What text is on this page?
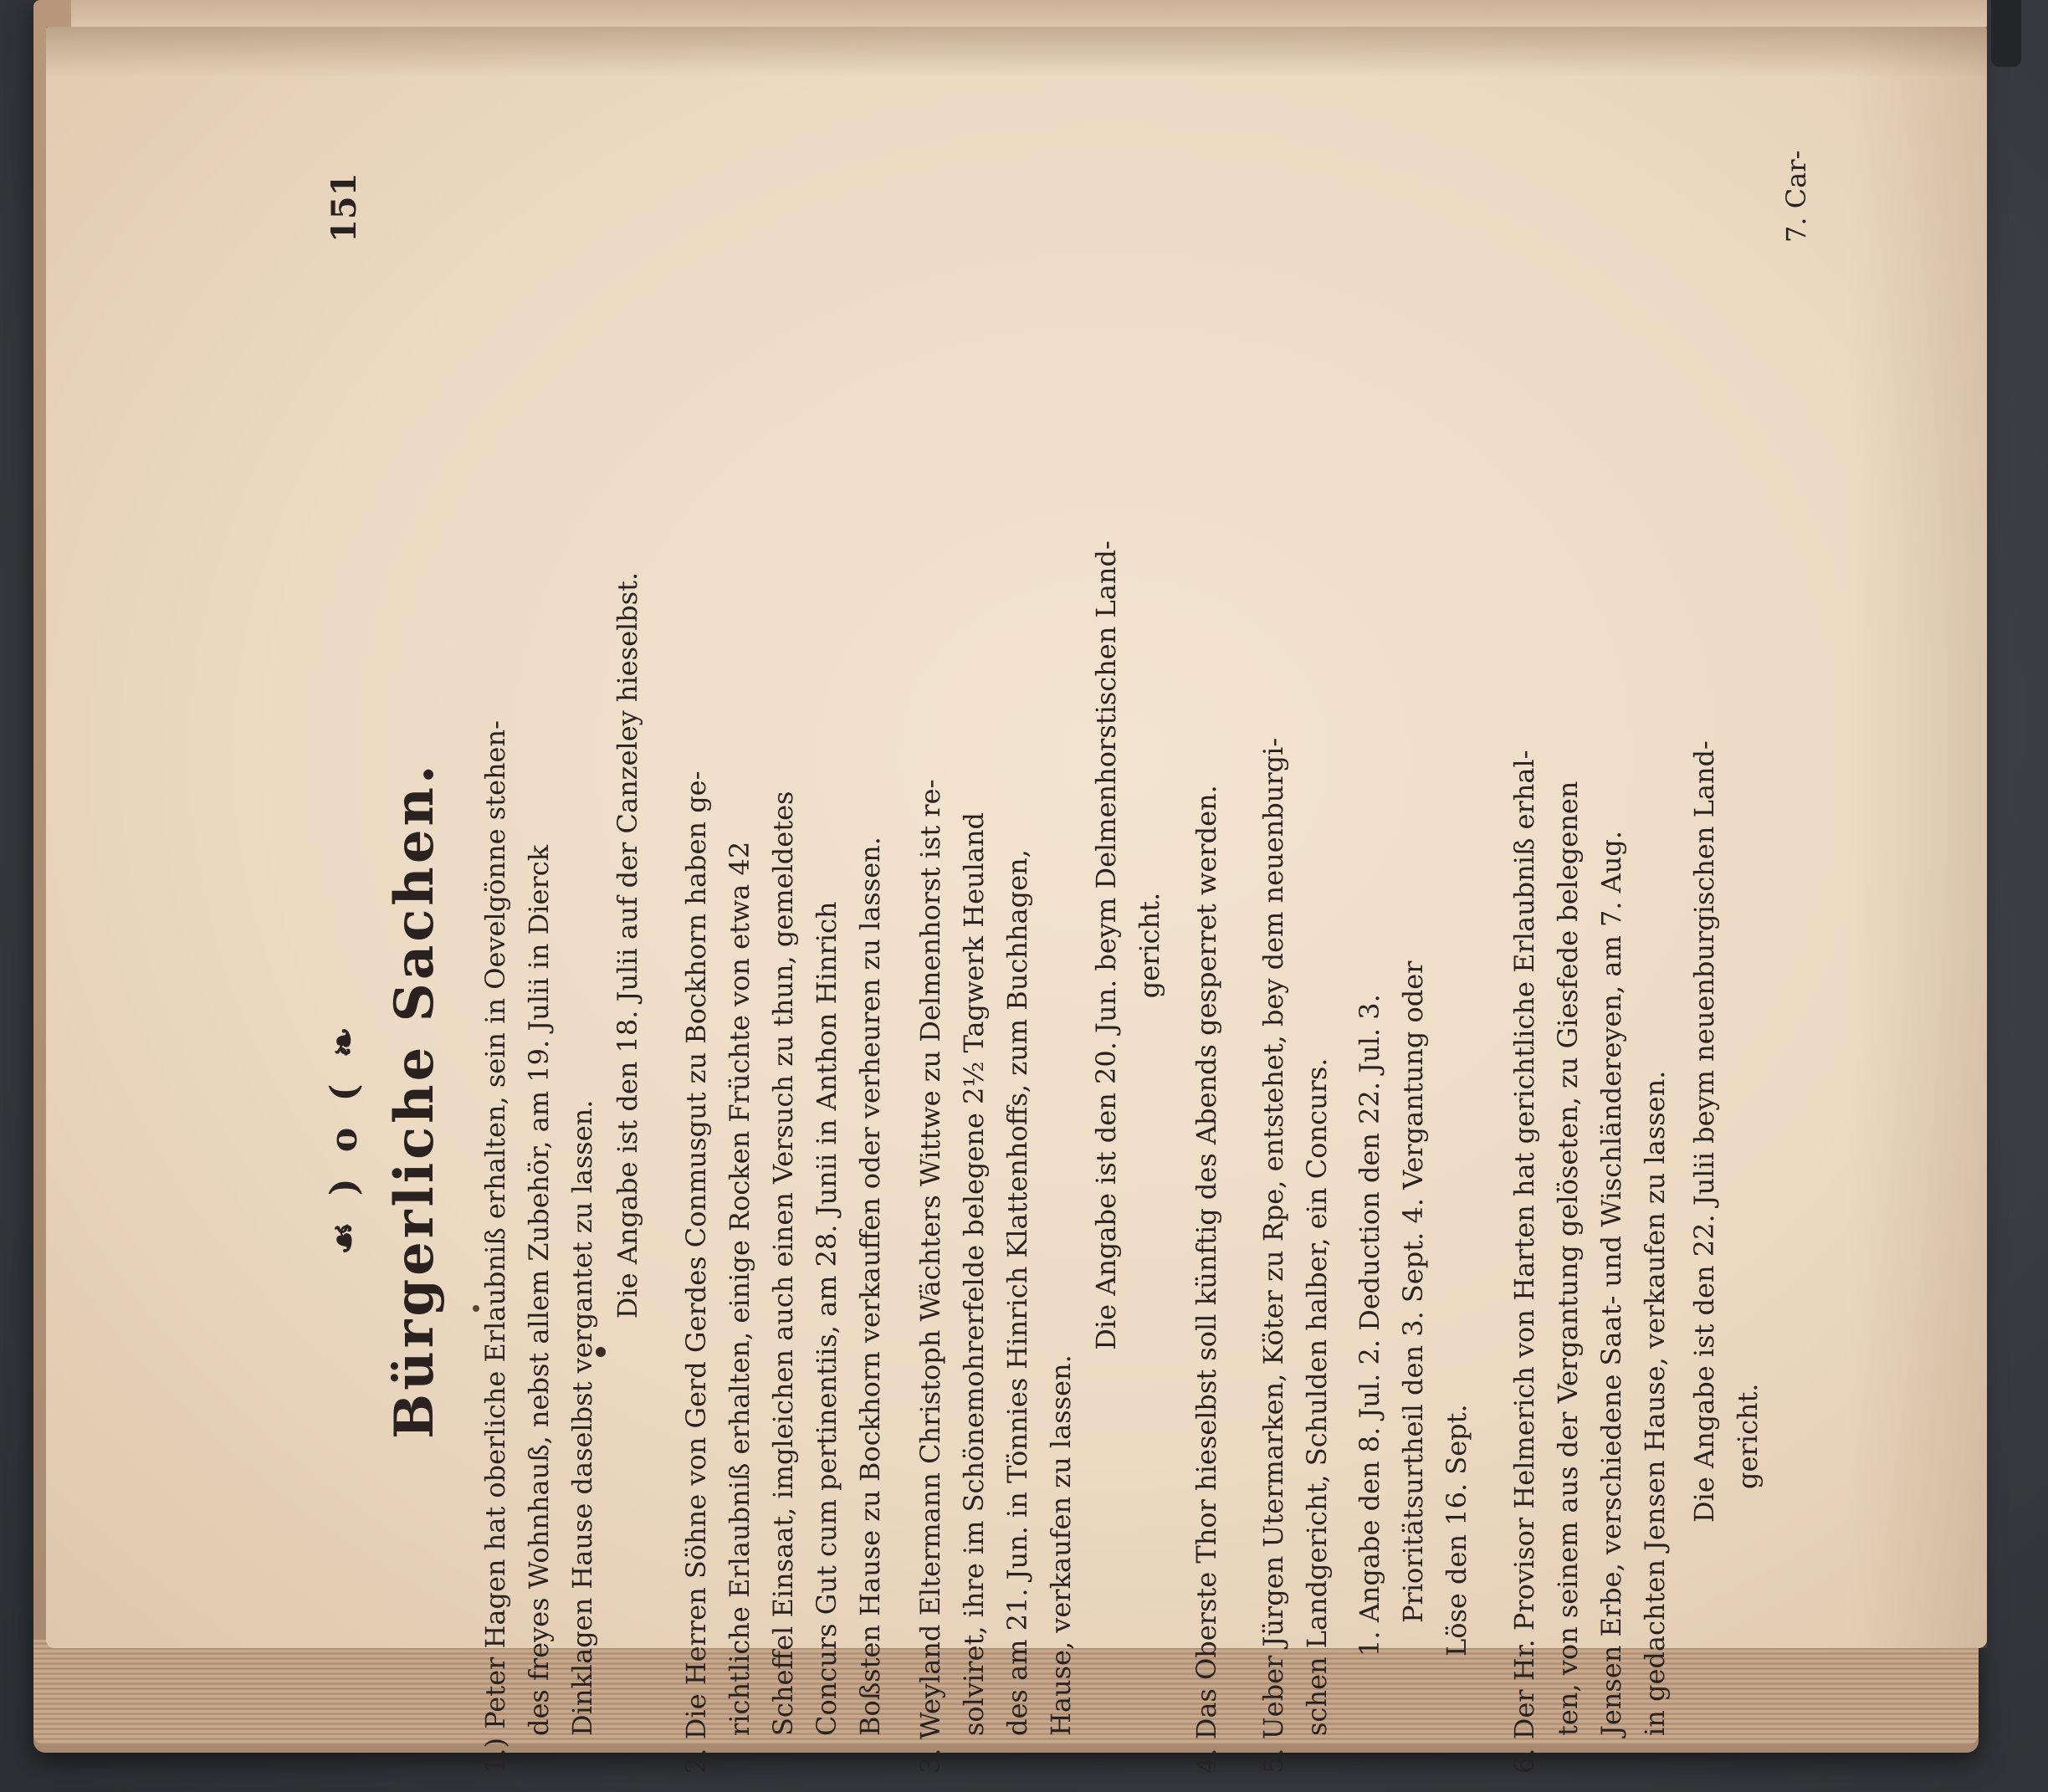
☙ ) o ( ❧
151
Bürgerliche Sachen. 1.) Peter Hagen hat oberliche Erlaubniß erhalten, sein in Oevelgönne stehen- des freyes Wohnhauß, nebst allem Zubehör, am 19. Julii in Dierck Dinklagen Hause daselbst vergantet zu lassen.
Die Angabe ist den 18. Julii auf der Canzeley hieselbst. 2. Die Herren Söhne von Gerd Gerdes Conmusgut zu Bockhorn haben ge- richtliche Erlaubniß erhalten, einige Rocken Früchte von etwa 42 Scheffel Einsaat, imgleichen auch einen Versuch zu thun, gemeldetes Concurs Gut cum pertinentiis, am 28. Junii in Anthon Hinrich Boßsten Hause zu Bockhorn verkauffen oder verheuren zu lassen. 3. Weyland Eltermann Christoph Wächters Wittwe zu Delmenhorst ist re- solviret, ihre im Schönemohrerfelde belegene 2½ Tagwerk Heuland des am 21. Jun. in Tönnies Hinrich Klattenhoffs, zum Buchhagen, Hause, verkaufen zu lassen.
Die Angabe ist den 20. Jun. beym Delmenhorstischen Land- gericht. 4. Das Oberste Thor hieselbst soll künftig des Abends gesperret werden. 5. Ueber Jürgen Utermarken, Köter zu Rpe, entstehet, bey dem neuenburgi- schen Landgericht, Schulden halber, ein Concurs. 1. Angabe den 8. Jul. 2. Deduction den 22. Jul. 3. Prioritätsurtheil den 3. Sept. 4. Vergantung oder Löse den 16. Sept. 6. Der Hr. Provisor Helmerich von Harten hat gerichtliche Erlaubniß erhal- ten, von seinem aus der Vergantung gelöseten, zu Giesfede belegenen Jensen Erbe, verschiedene Saat- und Wischländereyen, am 7. Aug. in gedachten Jensen Hause, verkaufen zu lassen. Die Angabe ist den 22. Julii beym neuenburgischen Land- gericht.
7. Car-
